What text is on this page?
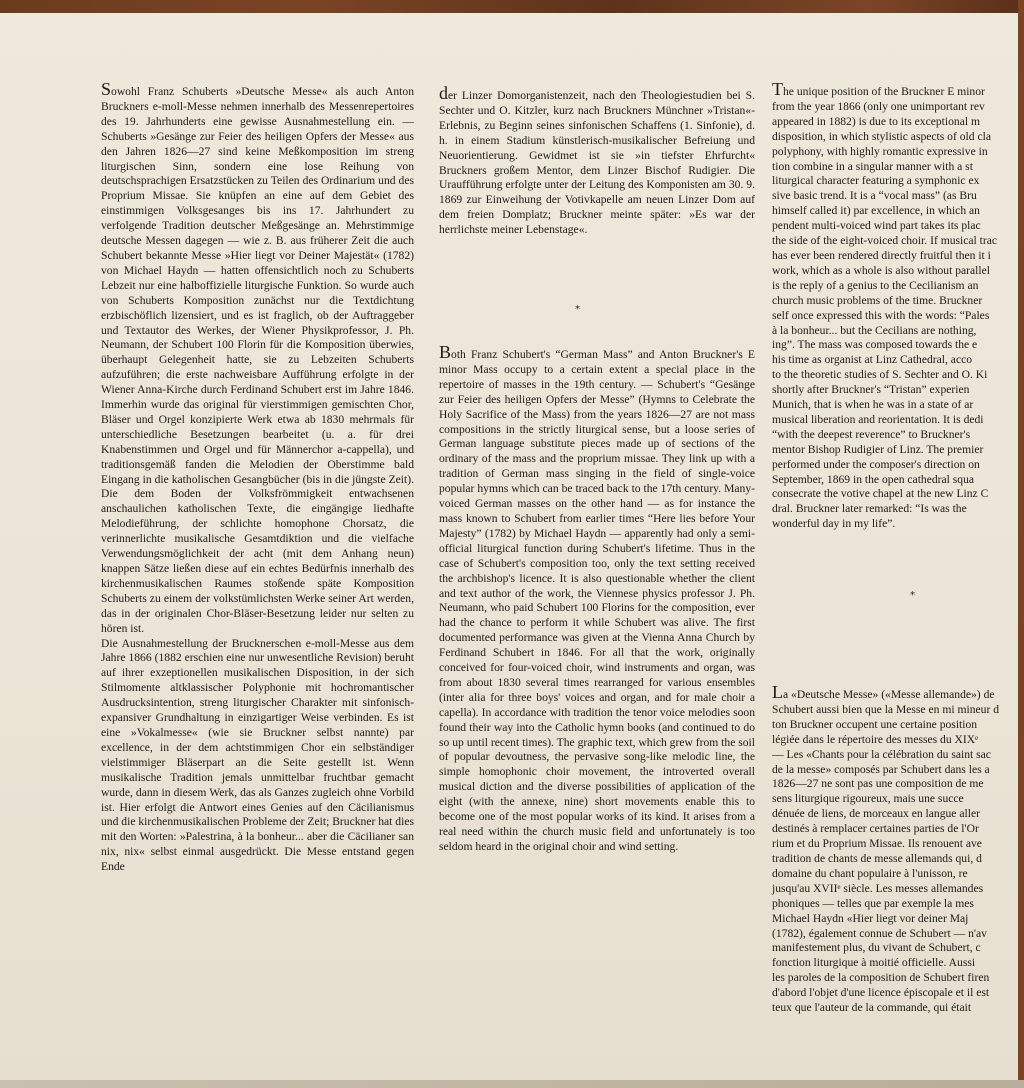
Sowohl Franz Schuberts »Deutsche Messe« als auch Anton Bruckners e-moll-Messe nehmen innerhalb des Messenrepertoires des 19. Jahrhunderts eine gewisse Ausnahmestellung ein. — Schuberts »Gesänge zur Feier des heiligen Opfers der Messe« aus den Jahren 1826—27 sind keine Meßkomposition im streng liturgischen Sinn, sondern eine lose Reihung von deutschsprachigen Ersatzstücken zu Teilen des Ordinarium und des Proprium Missae. Sie knüpfen an eine auf dem Gebiet des einstimmigen Volksgesanges bis ins 17. Jahrhundert zu verfolgende Tradition deutscher Meßgesänge an. Mehrstimmige deutsche Messen dagegen — wie z. B. aus früherer Zeit die auch Schubert bekannte Messe »Hier liegt vor Deiner Majestät« (1782) von Michael Haydn — hatten offensichtlich noch zu Schuberts Lebzeit nur eine halboffizielle liturgische Funktion. So wurde auch von Schuberts Komposition zunächst nur die Textdichtung erzbischöflich lizensiert, und es ist fraglich, ob der Auftraggeber und Textautor des Werkes, der Wiener Physikprofessor, J. Ph. Neumann, der Schubert 100 Florin für die Komposition überwies, überhaupt Gelegenheit hatte, sie zu Lebzeiten Schuberts aufzuführen; die erste nachweisbare Aufführung erfolgte in der Wiener Anna-Kirche durch Ferdinand Schubert erst im Jahre 1846. Immerhin wurde das original für vierstimmigen gemischten Chor, Bläser und Orgel konzipierte Werk etwa ab 1830 mehrmals für unterschiedliche Besetzungen bearbeitet (u. a. für drei Knabenstimmen und Orgel und für Männerchor a-cappella), und traditionsgemäß fanden die Melodien der Oberstimme bald Eingang in die katholischen Gesangbücher (bis in die jüngste Zeit). Die dem Boden der Volksfrömmigkeit entwachsenen anschaulichen katholischen Texte, die eingängige liedhafte Melodieführung, der schlichte homophone Chorsatz, die verinnerlichte musikalische Gesamtdiktion und die vielfache Verwendungsmöglichkeit der acht (mit dem Anhang neun) knappen Sätze ließen diese auf ein echtes Bedürfnis innerhalb des kirchenmusikalischen Raumes stoßende späte Komposition Schuberts zu einem der volkstümlichsten Werke seiner Art werden, das in der originalen Chor-Bläser-Besetzung leider nur selten zu hören ist.
Die Ausnahmestellung der Brucknerschen e-moll-Messe aus dem Jahre 1866 (1882 erschien eine nur unwesentliche Revision) beruht auf ihrer exzeptionellen musikalischen Disposition, in der sich Stilmomente altklassischer Polyphonie mit hochromantischer Ausdrucksintention, streng liturgischer Charakter mit sinfonisch-expansiver Grundhaltung in einzigartiger Weise verbinden. Es ist eine »Vokalmesse« (wie sie Bruckner selbst nannte) par excellence, in der dem achtstimmigen Chor ein selbständiger vielstimmiger Bläserpart an die Seite gestellt ist. Wenn musikalische Tradition jemals unmittelbar fruchtbar gemacht wurde, dann in diesem Werk, das als Ganzes zugleich ohne Vorbild ist. Hier erfolgt die Antwort eines Genies auf den Cäcilianismus und die kirchenmusikalischen Probleme der Zeit; Bruckner hat dies mit den Worten: »Palestrina, à la bonheur... aber die Cäcilianer san nix, nix« selbst einmal ausgedrückt. Die Messe entstand gegen Ende

der Linzer Domorganistenzeit, nach den Theologiestudien bei S. Sechter und O. Kitzler, kurz nach Bruckners Münchner »Tristan«-Erlebnis, zu Beginn seines sinfonischen Schaffens (1. Sinfonie), d. h. in einem Stadium künstlerisch-musikalischer Befreiung und Neuorientierung. Gewidmet ist sie »in tiefster Ehrfurcht« Bruckners großem Mentor, dem Linzer Bischof Rudigier. Die Uraufführung erfolgte unter der Leitung des Komponisten am 30. 9. 1869 zur Einweihung der Votivkapelle am neuen Linzer Dom auf dem freien Domplatz; Bruckner meinte später: »Es war der herrlichste meiner Lebenstage«.

*

Both Franz Schubert's “German Mass” and Anton Bruckner's E minor Mass occupy to a certain extent a special place in the repertoire of masses in the 19th century. — Schubert's “Gesänge zur Feier des heiligen Opfers der Messe” (Hymns to Celebrate the Holy Sacrifice of the Mass) from the years 1826—27 are not mass compositions in the strictly liturgical sense, but a loose series of German language substitute pieces made up of sections of the ordinary of the mass and the proprium missae. They link up with a tradition of German mass singing in the field of single-voice popular hymns which can be traced back to the 17th century. Many-voiced German masses on the other hand — as for instance the mass known to Schubert from earlier times “Here lies before Your Majesty” (1782) by Michael Haydn — apparently had only a semi-official liturgical function during Schubert's lifetime. Thus in the case of Schubert's composition too, only the text setting received the archbishop's licence. It is also questionable whether the client and text author of the work, the Viennese physics professor J. Ph. Neumann, who paid Schubert 100 Florins for the composition, ever had the chance to perform it while Schubert was alive. The first documented performance was given at the Vienna Anna Church by Ferdinand Schubert in 1846. For all that the work, originally conceived for four-voiced choir, wind instruments and organ, was from about 1830 several times rearranged for various ensembles (inter alia for three boys' voices and organ, and for male choir a capella). In accordance with tradition the tenor voice melodies soon found their way into the Catholic hymn books (and continued to do so up until recent times). The graphic text, which grew from the soil of popular devoutness, the pervasive song-like melodic line, the simple homophonic choir movement, the introverted overall musical diction and the diverse possibilities of application of the eight (with the annexe, nine) short movements enable this to become one of the most popular works of its kind. It arises from a real need within the church music field and unfortunately is too seldom heard in the original choir and wind setting.

The unique position of the Bruckner E minor
from the year 1866 (only one unimportant rev
appeared in 1882) is due to its exceptional m
disposition, in which stylistic aspects of old cla
polyphony, with highly romantic expressive in
tion combine in a singular manner with a st
liturgical character featuring a symphonic ex
sive basic trend. It is a “vocal mass” (as Bru
himself called it) par excellence, in which an
pendent multi-voiced wind part takes its plac
the side of the eight-voiced choir. If musical trac
has ever been rendered directly fruitful then it i
work, which as a whole is also without parallel
is the reply of a genius to the Cecilianism an
church music problems of the time. Bruckner
self once expressed this with the words: “Pales
à la bonheur... but the Cecilians are nothing,
ing”. The mass was composed towards the e
his time as organist at Linz Cathedral, acco
to the theoretic studies of S. Sechter and O. Ki
shortly after Bruckner's “Tristan” experien
Munich, that is when he was in a state of ar
musical liberation and reorientation. It is dedi
“with the deepest reverence” to Bruckner's
mentor Bishop Rudigier of Linz. The premier
performed under the composer's direction on
September, 1869 in the open cathedral squa
consecrate the votive chapel at the new Linz C
dral. Bruckner later remarked: “Is was the
wonderful day in my life”.

*

La «Deutsche Messe» («Messe allemande») de
Schubert aussi bien que la Messe en mi mineur d
ton Bruckner occupent une certaine position
légiée dans le répertoire des messes du XIXᵉ
— Les «Chants pour la célébration du saint sac
de la messe» composés par Schubert dans les a
1826—27 ne sont pas une composition de me
sens liturgique rigoureux, mais une succe
dénuée de liens, de morceaux en langue aller
destinés à remplacer certaines parties de l'Or
rium et du Proprium Missae. Ils renouent ave
tradition de chants de messe allemands qui, d
domaine du chant populaire à l'unisson, re
jusqu'au XVIIᵉ siècle. Les messes allemandes
phoniques — telles que par exemple la mes
Michael Haydn «Hier liegt vor deiner Maj
(1782), également connue de Schubert — n'av
manifestement plus, du vivant de Schubert, c
fonction liturgique à moitié officielle. Aussi
les paroles de la composition de Schubert firen
d'abord l'objet d'une licence épiscopale et il est
teux que l'auteur de la commande, qui était
